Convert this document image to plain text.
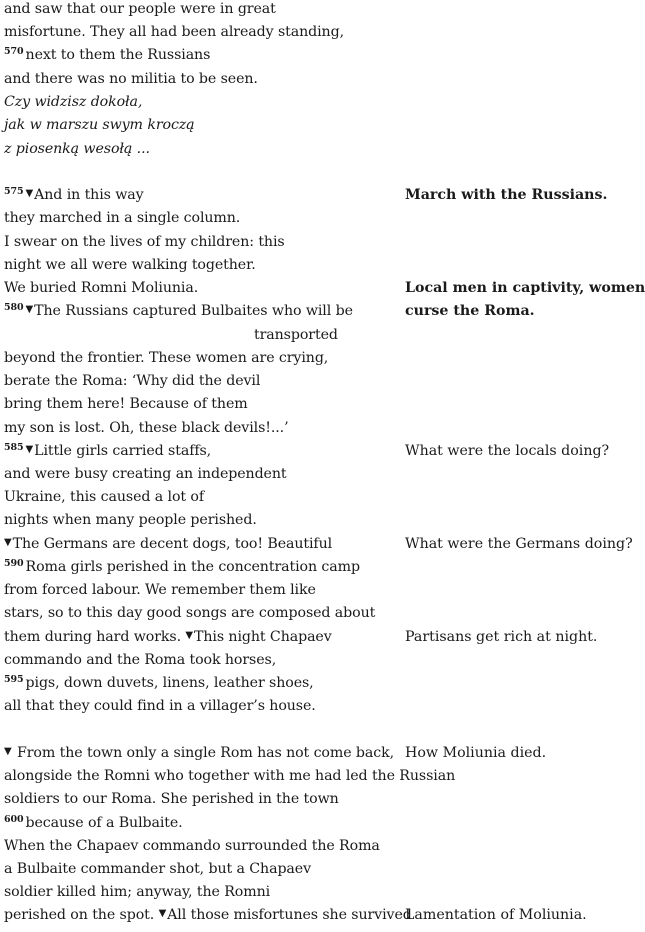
and saw that our people were in great
misfortune. They all had been already standing,
$^{570}$ next to them the Russians
and there was no militia to be seen.
Czy widzisz dokoła,
jak w marszu swym kroczą
z piosenką wesołą ...
$^{575}$ ▼And in this way
they marched in a single column.
I swear on the lives of my children: this
night we all were walking together.
We buried Romni Moliunia.
$^{580}$ ▼The Russians captured Bulbaites who will be
transported
beyond the frontier. These women are crying,
berate the Roma: ‘Why did the devil
bring them here! Because of them
my son is lost. Oh, these black devils!...’
$^{585}$ ▼Little girls carried staffs,
and were busy creating an independent
Ukraine, this caused a lot of
nights when many people perished.
▼The Germans are decent dogs, too! Beautiful
$^{590}$ Roma girls perished in the concentration camp
from forced labour. We remember them like
stars, so to this day good songs are composed about
them during hard works. ▼This night Chapaev
commando and the Roma took horses,
$^{595}$ pigs, down duvets, linens, leather shoes,
all that they could find in a villager’s house.
▼ From the town only a single Rom has not come back,
alongside the Romni who together with me had led the Russian
soldiers to our Roma. She perished in the town
$^{600}$ because of a Bulbaite.
When the Chapaev commando surrounded the Roma
a Bulbaite commander shot, but a Chapaev
soldier killed him; anyway, the Romni
perished on the spot. ▼All those misfortunes she survived
March with the Russians.
Local men in captivity, women
curse the Roma.
What were the locals doing?
What were the Germans doing?
Partisans get rich at night.
How Moliunia died.
Lamentation of Moliunia.
